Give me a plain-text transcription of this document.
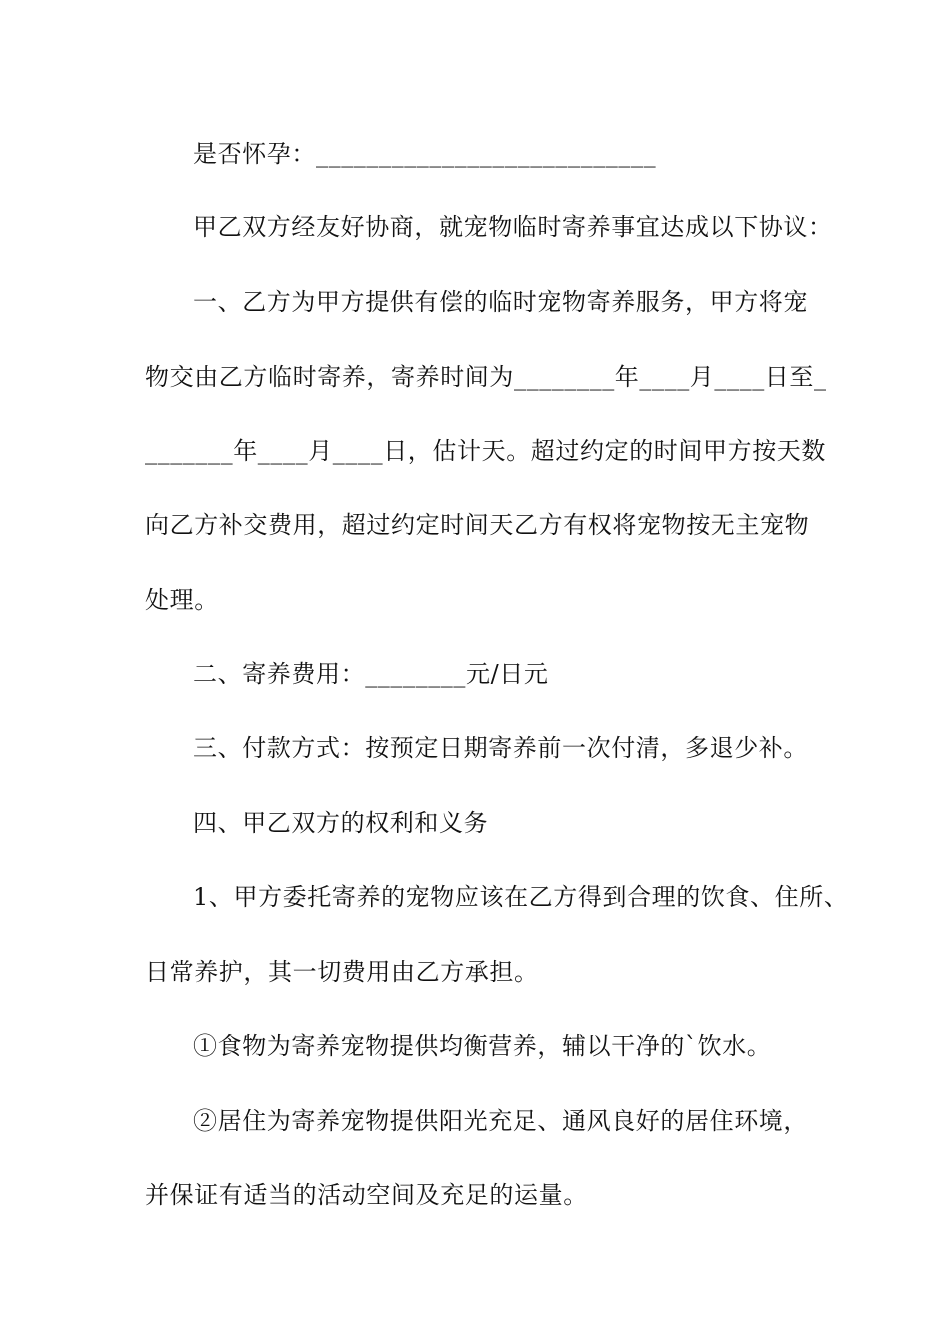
是否怀孕：___________________________
甲乙双方经友好协商，就宠物临时寄养事宜达成以下协议：
一、乙方为甲方提供有偿的临时宠物寄养服务，甲方将宠
物交由乙方临时寄养，寄养时间为________年____月____日至_
_______年____月____日，估计天。超过约定的时间甲方按天数
向乙方补交费用，超过约定时间天乙方有权将宠物按无主宠物
处理。
二、寄养费用：________元/日元
三、付款方式：按预定日期寄养前一次付清，多退少补。
四、甲乙双方的权利和义务
1、甲方委托寄养的宠物应该在乙方得到合理的饮食、住所、
日常养护，其一切费用由乙方承担。
①食物为寄养宠物提供均衡营养，辅以干净的`饮水。
②居住为寄养宠物提供阳光充足、通风良好的居住环境，
并保证有适当的活动空间及充足的运量。
